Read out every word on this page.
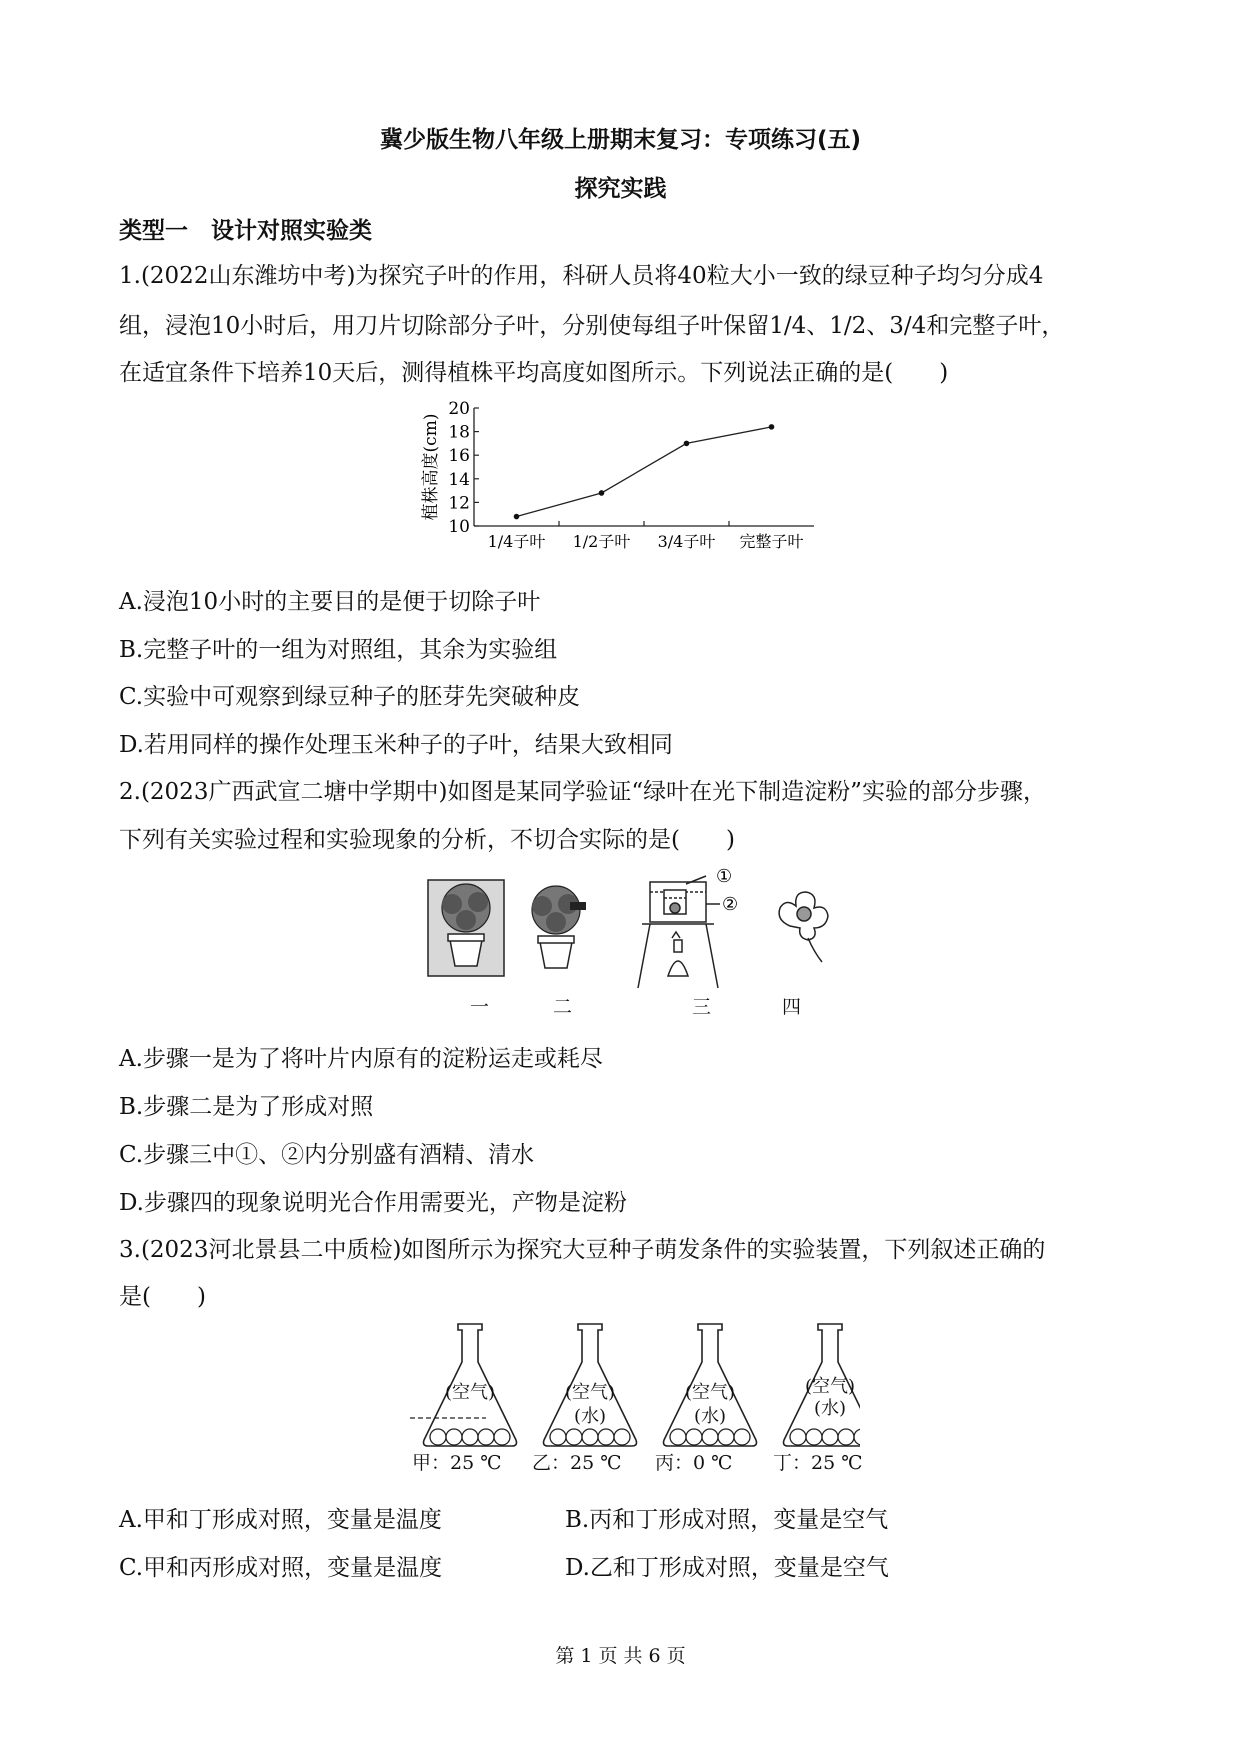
冀少版生物八年级上册期末复习：专项练习(五)
探究实践
类型一　设计对照实验类
1.(2022山东潍坊中考)为探究子叶的作用，科研人员将40粒大小一致的绿豆种子均匀分成4
组，浸泡10小时后，用刀片切除部分子叶，分别使每组子叶保留1/4、1/2、3/4和完整子叶，
在适宜条件下培养10天后，测得植株平均高度如图所示。下列说法正确的是(　　)
10
12
14
16
18
20
1/4子叶 1/2子叶 3/4子叶 完整子叶
植株高度(cm)
A.浸泡10小时的主要目的是便于切除子叶
B.完整子叶的一组为对照组，其余为实验组
C.实验中可观察到绿豆种子的胚芽先突破种皮
D.若用同样的操作处理玉米种子的子叶，结果大致相同
2.(2023广西武宣二塘中学期中)如图是某同学验证“绿叶在光下制造淀粉”实验的部分步骤，
下列有关实验过程和实验现象的分析，不切合实际的是(　　)
①
②
一	二	三	四
A.步骤一是为了将叶片内原有的淀粉运走或耗尽
B.步骤二是为了形成对照
C.步骤三中①、②内分别盛有酒精、清水
D.步骤四的现象说明光合作用需要光，产物是淀粉
3.(2023河北景县二中质检)如图所示为探究大豆种子萌发条件的实验装置，下列叙述正确的
是(　　)
(空气)	(空气)
(水)
(空气)
(水)
(空气)
(水)
甲：25 ℃ 乙：25 ℃ 丙：0 ℃ 丁：25 ℃
A.甲和丁形成对照，变量是温度	B.丙和丁形成对照，变量是空气
C.甲和丙形成对照，变量是温度	D.乙和丁形成对照，变量是空气
第 1 页 共 6 页
